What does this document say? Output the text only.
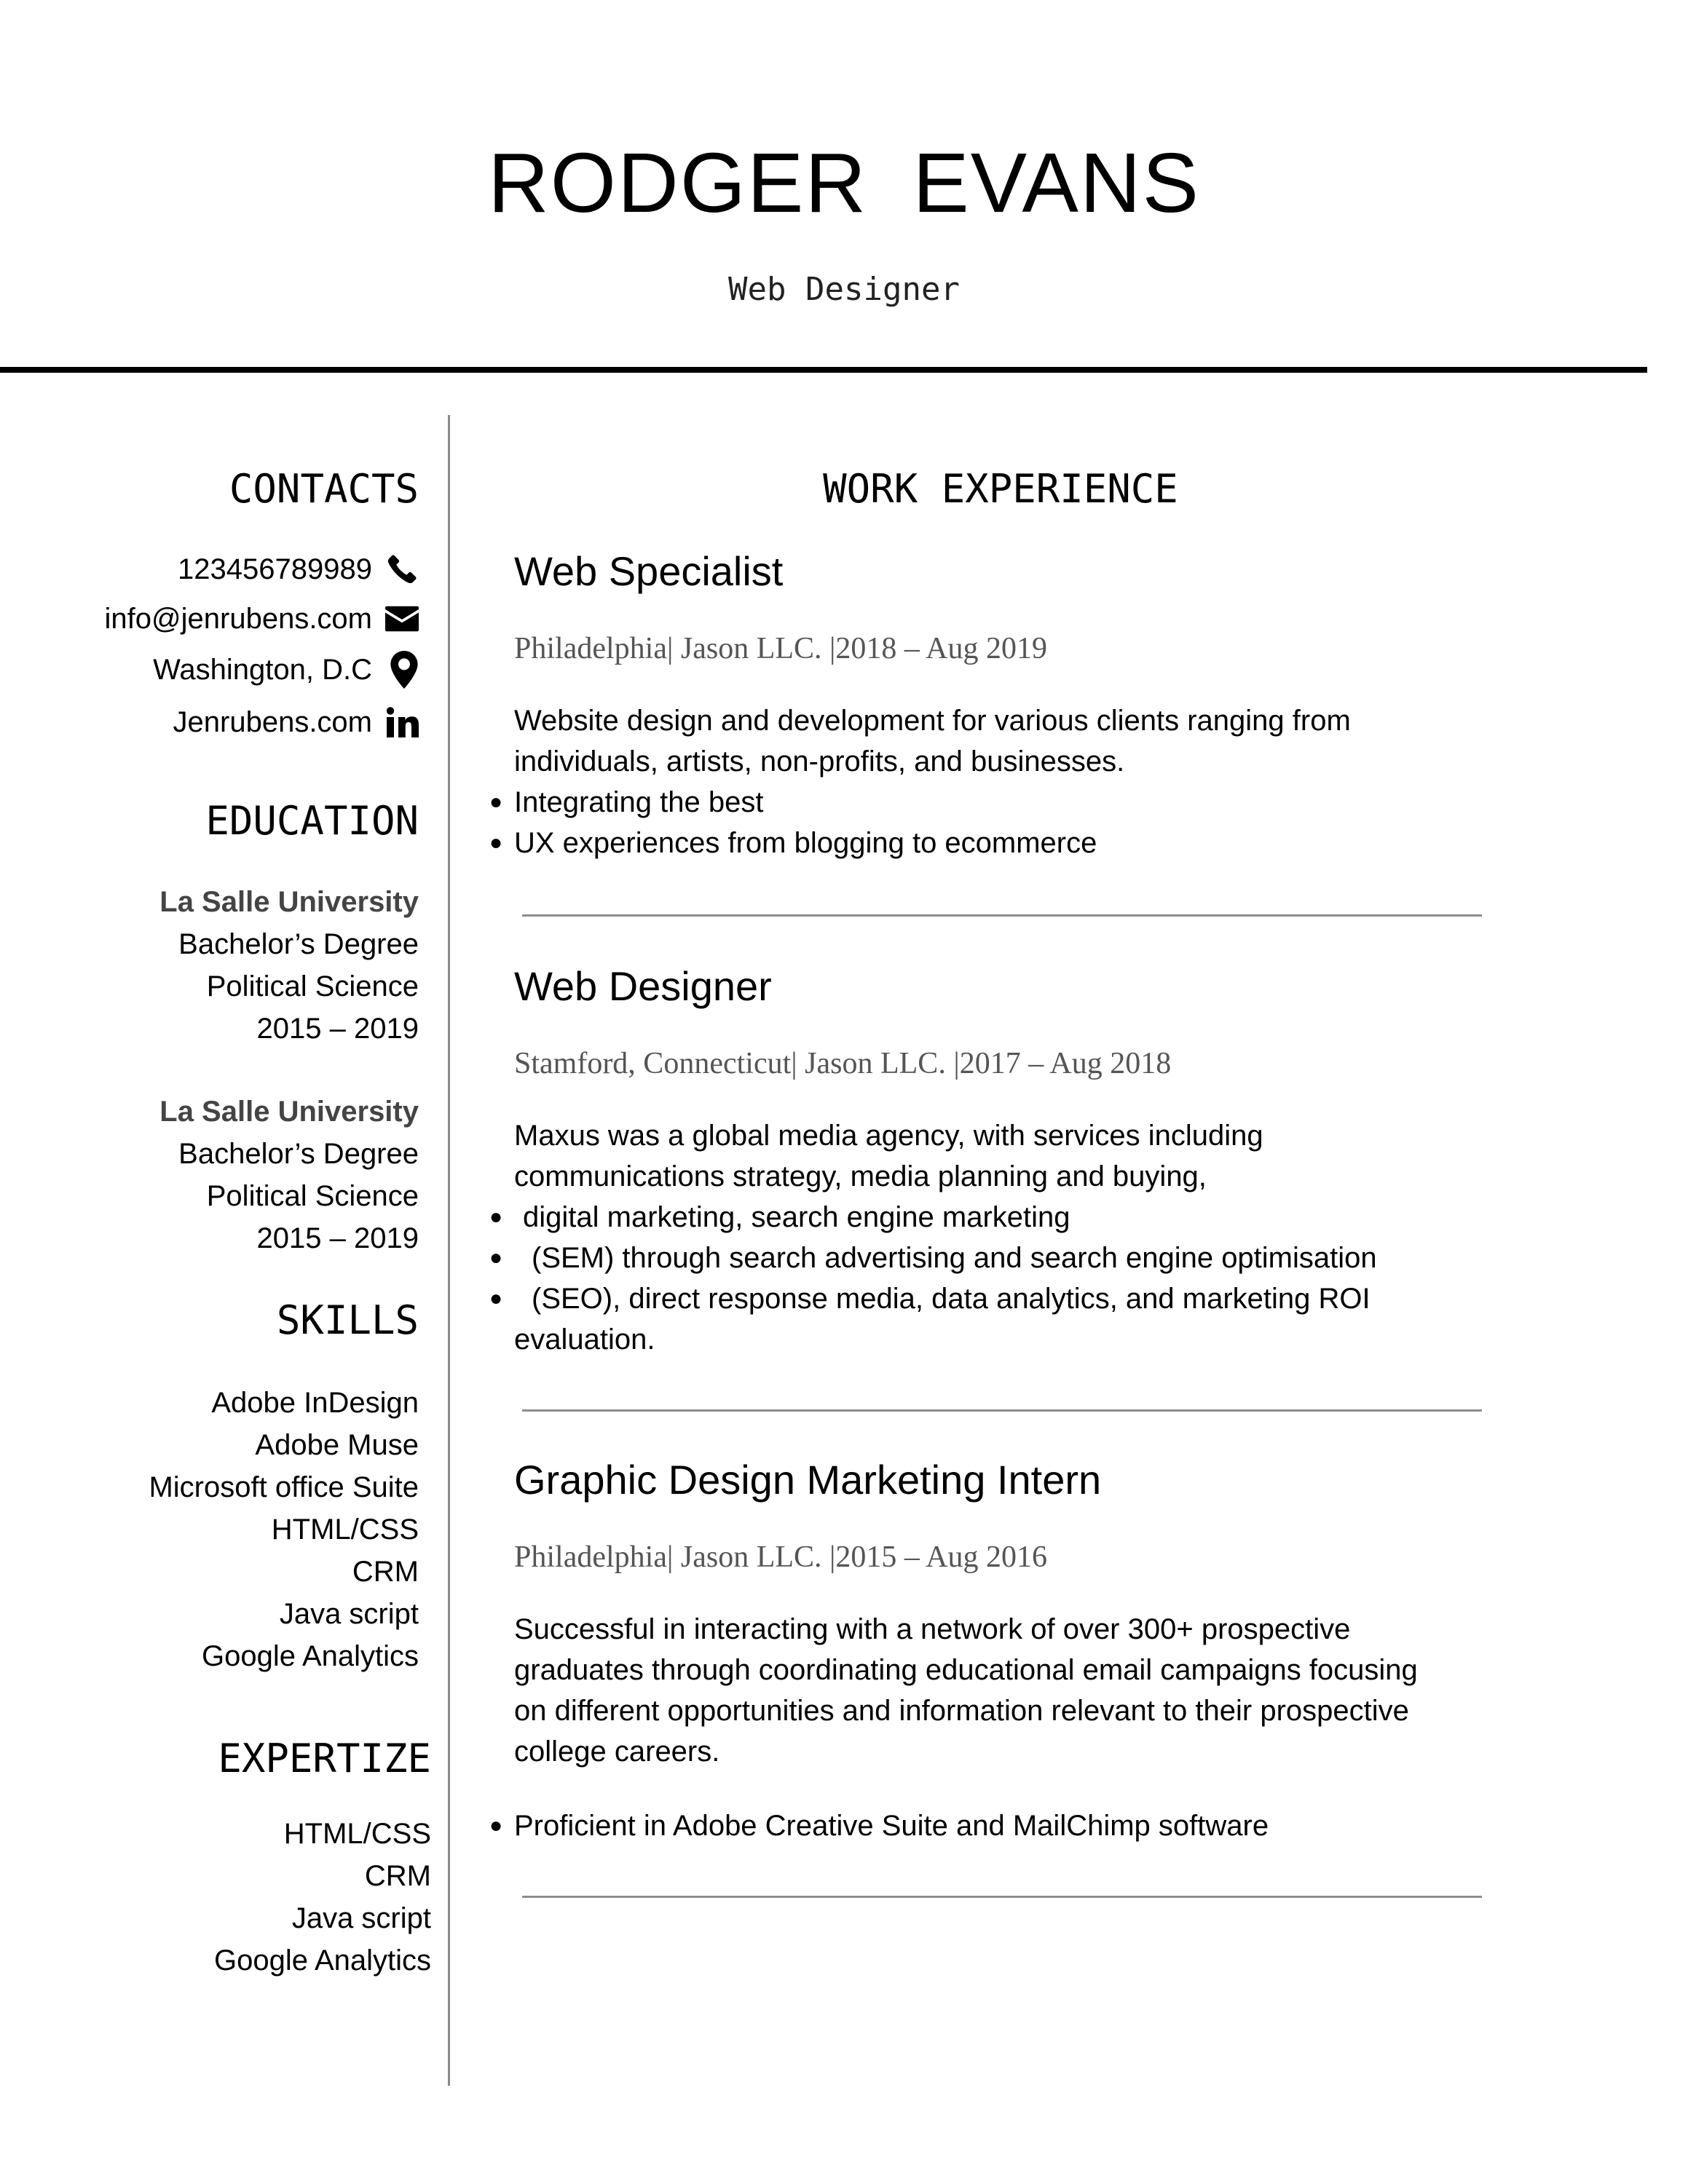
RODGER EVANS
Web Designer
CONTACTS
123456789989
info@jenrubens.com
Washington, D.C
Jenrubens.com
EDUCATION
La Salle University
Bachelor’s Degree
Political Science
2015 – 2019
La Salle University
Bachelor’s Degree
Political Science
2015 – 2019
SKILLS
Adobe InDesign
Adobe Muse
Microsoft office Suite
HTML/CSS
CRM
Java script
Google Analytics
EXPERTIZE
HTML/CSS
CRM
Java script
Google Analytics
WORK EXPERIENCE
Web Specialist
Philadelphia| Jason LLC. |2018 – Aug 2019
Website design and development for various clients ranging from
individuals, artists, non-profits, and businesses.
● Integrating the best
● UX experiences from blogging to ecommerce
Web Designer
Stamford, Connecticut| Jason LLC. |2017 – Aug 2018
Maxus was a global media agency, with services including
communications strategy, media planning and buying,
● digital marketing, search engine marketing
● (SEM) through search advertising and search engine optimisation
● (SEO), direct response media, data analytics, and marketing ROI
evaluation.
Graphic Design Marketing Intern
Philadelphia| Jason LLC. |2015 – Aug 2016
Successful in interacting with a network of over 300+ prospective
graduates through coordinating educational email campaigns focusing
on different opportunities and information relevant to their prospective
college careers.
● Proficient in Adobe Creative Suite and MailChimp software
